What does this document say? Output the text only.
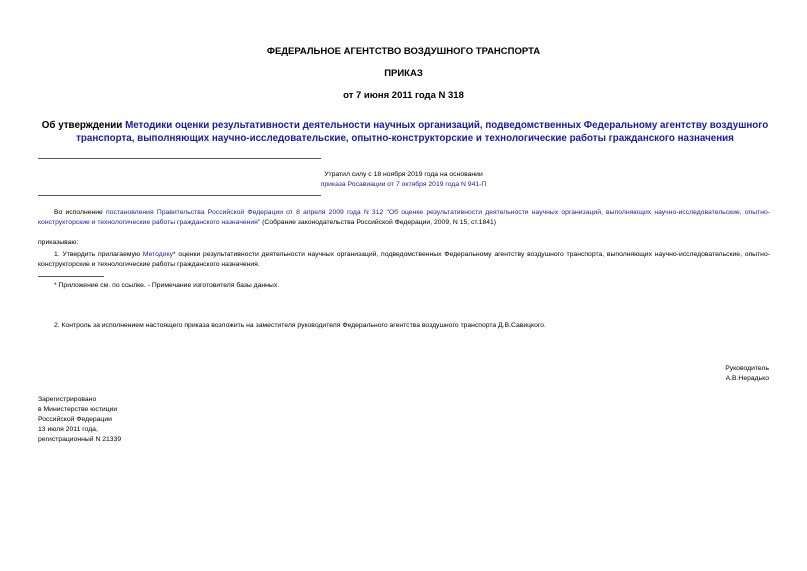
ФЕДЕРАЛЬНОЕ АГЕНТСТВО ВОЗДУШНОГО ТРАНСПОРТА
ПРИКАЗ
от 7 июня 2011 года N 318
Об утверждении Методики оценки результативности деятельности научных организаций, подведомственных Федеральному агентству воздушного транспорта, выполняющих научно-исследовательские, опытно-конструкторские и технологические работы гражданского назначения
Утратил силу с 18 ноября 2019 года на основании
приказа Росавиации от 7 октября 2019 года N 941-П
Во исполнение постановления Правительства Российской Федерации от 8 апреля 2009 года N 312 "Об оценке результативности деятельности научных организаций, выполняющих научно-исследовательские, опытно-конструкторские и технологические работы гражданского назначения" (Собрание законодательства Российской Федерации, 2009, N 15, ст.1841)
приказываю:
1. Утвердить прилагаемую Методику* оценки результативности деятельности научных организаций, подведомственных Федеральному агентству воздушного транспорта, выполняющих научно-исследовательские, опытно-конструкторские и технологические работы гражданского назначения.
* Приложение см. по ссылке. - Примечание изготовителя базы данных.
2. Контроль за исполнением настоящего приказа возложить на заместителя руководителя Федерального агентства воздушного транспорта Д.В.Савицкого.
Руководитель
А.В.Нерадько
Зарегистрировано
в Министерстве юстиции
Российской Федерации
13 июля 2011 года,
регистрационный N 21339
